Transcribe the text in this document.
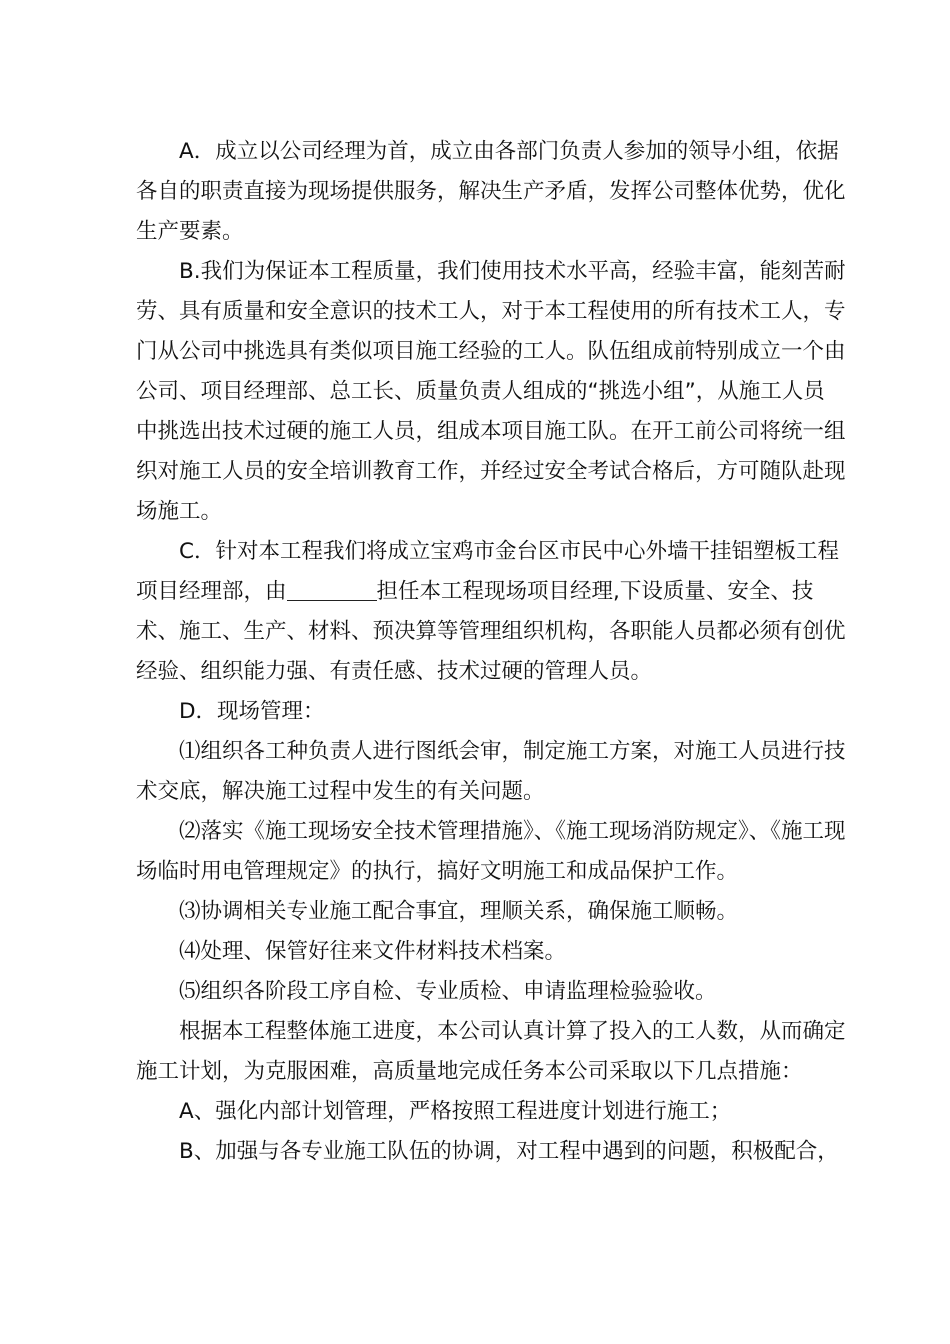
A．成立以公司经理为首，成立由各部门负责人参加的领导小组，依据各自的职责直接为现场提供服务，解决生产矛盾，发挥公司整体优势，优化生产要素。

B.我们为保证本工程质量，我们使用技术水平高，经验丰富，能刻苦耐劳、具有质量和安全意识的技术工人，对于本工程使用的所有技术工人，专门从公司中挑选具有类似项目施工经验的工人。队伍组成前特别成立一个由公司、项目经理部、总工长、质量负责人组成的“挑选小组”，从施工人员中挑选出技术过硬的施工人员，组成本项目施工队。在开工前公司将统一组织对施工人员的安全培训教育工作，并经过安全考试合格后，方可随队赴现场施工。

C．针对本工程我们将成立宝鸡市金台区市民中心外墙干挂铝塑板工程项目经理部，由	担任本工程现场项目经理,下设质量、安全、技术、施工、生产、材料、预决算等管理组织机构，各职能人员都必须有创优经验、组织能力强、有责任感、技术过硬的管理人员。

D．现场管理：

⑴组织各工种负责人进行图纸会审，制定施工方案，对施工人员进行技术交底，解决施工过程中发生的有关问题。

⑵落实《施工现场安全技术管理措施》、《施工现场消防规定》、《施工现场临时用电管理规定》的执行，搞好文明施工和成品保护工作。

⑶协调相关专业施工配合事宜，理顺关系，确保施工顺畅。

⑷处理、保管好往来文件材料技术档案。

⑸组织各阶段工序自检、专业质检、申请监理检验验收。

根据本工程整体施工进度，本公司认真计算了投入的工人数，从而确定施工计划，为克服困难，高质量地完成任务本公司采取以下几点措施：

A、强化内部计划管理，严格按照工程进度计划进行施工；

B、加强与各专业施工队伍的协调，对工程中遇到的问题，积极配合，
